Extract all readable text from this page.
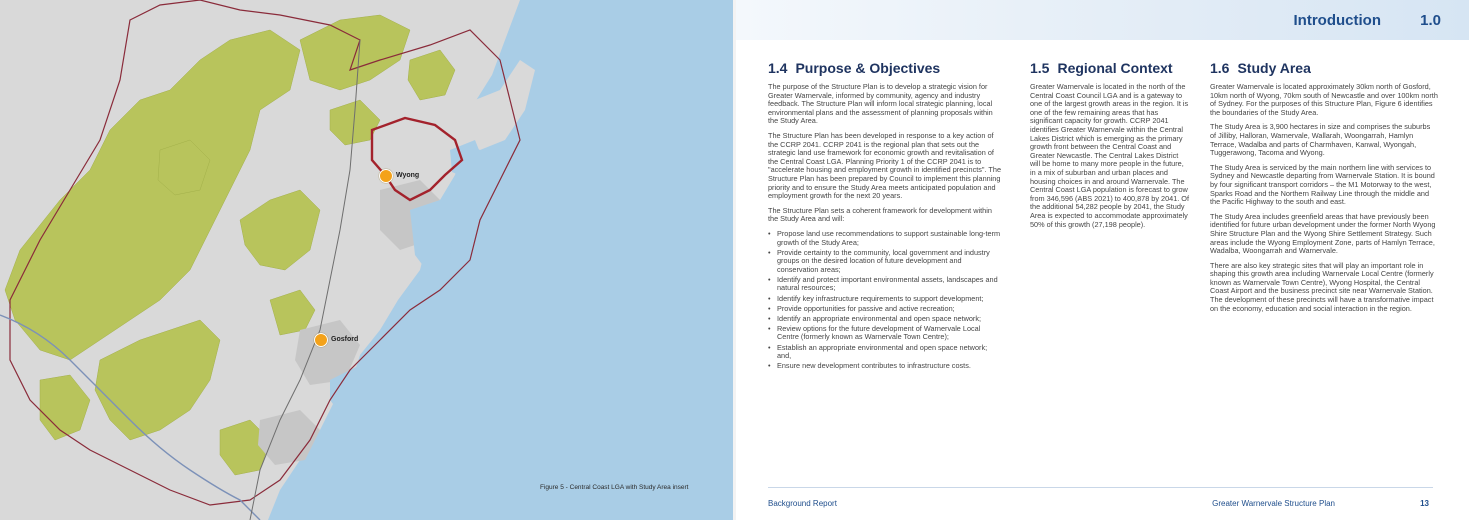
Wyong
Gosford
Figure 5 - Central Coast LGA with Study Area insert
Introduction	1.0
1.4 Purpose & Objectives

The purpose of the Structure Plan is to develop a strategic vision for Greater Warnervale, informed by community, agency and industry feedback. The Structure Plan will inform local strategic planning, local environmental plans and the assessment of planning proposals within the Study Area.

The Structure Plan has been developed in response to a key action of the CCRP 2041. CCRP 2041 is the regional plan that sets out the strategic land use framework for economic growth and revitalisation of the Central Coast LGA. Planning Priority 1 of the CCRP 2041 is to "accelerate housing and employment growth in identified precincts". The Structure Plan has been prepared by Council to implement this planning priority and to ensure the Study Area meets anticipated population and employment growth for the next 20 years.

The Structure Plan sets a coherent framework for development within the Study Area and will:

• Propose land use recommendations to support sustainable long-term growth of the Study Area;
• Provide certainty to the community, local government and industry groups on the desired location of future development and conservation areas;
• Identify and protect important environmental assets, landscapes and natural resources;
• Identify key infrastructure requirements to support development;
• Provide opportunities for passive and active recreation;
• Identify an appropriate environmental and open space network;
• Review options for the future development of Warnervale Local Centre (formerly known as Warnervale Town Centre);
• Establish an appropriate environmental and open space network; and,
• Ensure new development contributes to infrastructure costs.
1.5 Regional Context

Greater Warnervale is located in the north of the Central Coast Council LGA and is a gateway to one of the largest growth areas in the region. It is one of the few remaining areas that has significant capacity for growth. CCRP 2041 identifies Greater Warnervale within the Central Lakes District which is emerging as the primary growth front between the Central Coast and Greater Newcastle. The Central Lakes District will be home to many more people in the future, in a mix of suburban and urban places and housing choices in and around Warnervale. The Central Coast LGA population is forecast to grow from 346,596 (ABS 2021) to 400,878 by 2041. Of the additional 54,282 people by 2041, the Study Area is expected to accommodate approximately 50% of this growth (27,198 people).

1.6 Study Area

Greater Warnervale is located approximately 30km north of Gosford, 10km north of Wyong, 70km south of Newcastle and over 100km north of Sydney. For the purposes of this Structure Plan, Figure 6 identifies the boundaries of the Study Area.

The Study Area is 3,900 hectares in size and comprises the suburbs of Jilliby, Halloran, Warnervale, Wallarah, Woongarrah, Hamlyn Terrace, Wadalba and parts of Charmhaven, Kanwal, Wyongah, Tuggerawong, Tacoma and Wyong.

The Study Area is serviced by the main northern line with services to Sydney and Newcastle departing from Warnervale Station. It is bound by four significant transport corridors – the M1 Motorway to the west, Sparks Road and the Northern Railway Line through the middle and the Pacific Highway to the south and east.

The Study Area includes greenfield areas that have previously been identified for future urban development under the former North Wyong Shire Structure Plan and the Wyong Shire Settlement Strategy. Such areas include the Wyong Employment Zone, parts of Hamlyn Terrace, Wadalba, Woongarrah and Warnervale.

There are also key strategic sites that will play an important role in shaping this growth area including Warnervale Local Centre (formerly known as Warnervale Town Centre), Wyong Hospital, the Central Coast Airport and the business precinct site near Warnervale Station. The development of these precincts will have a transformative impact on the economy, education and social interaction in the region.

Background Report	Greater Warnervale Structure Plan	13
